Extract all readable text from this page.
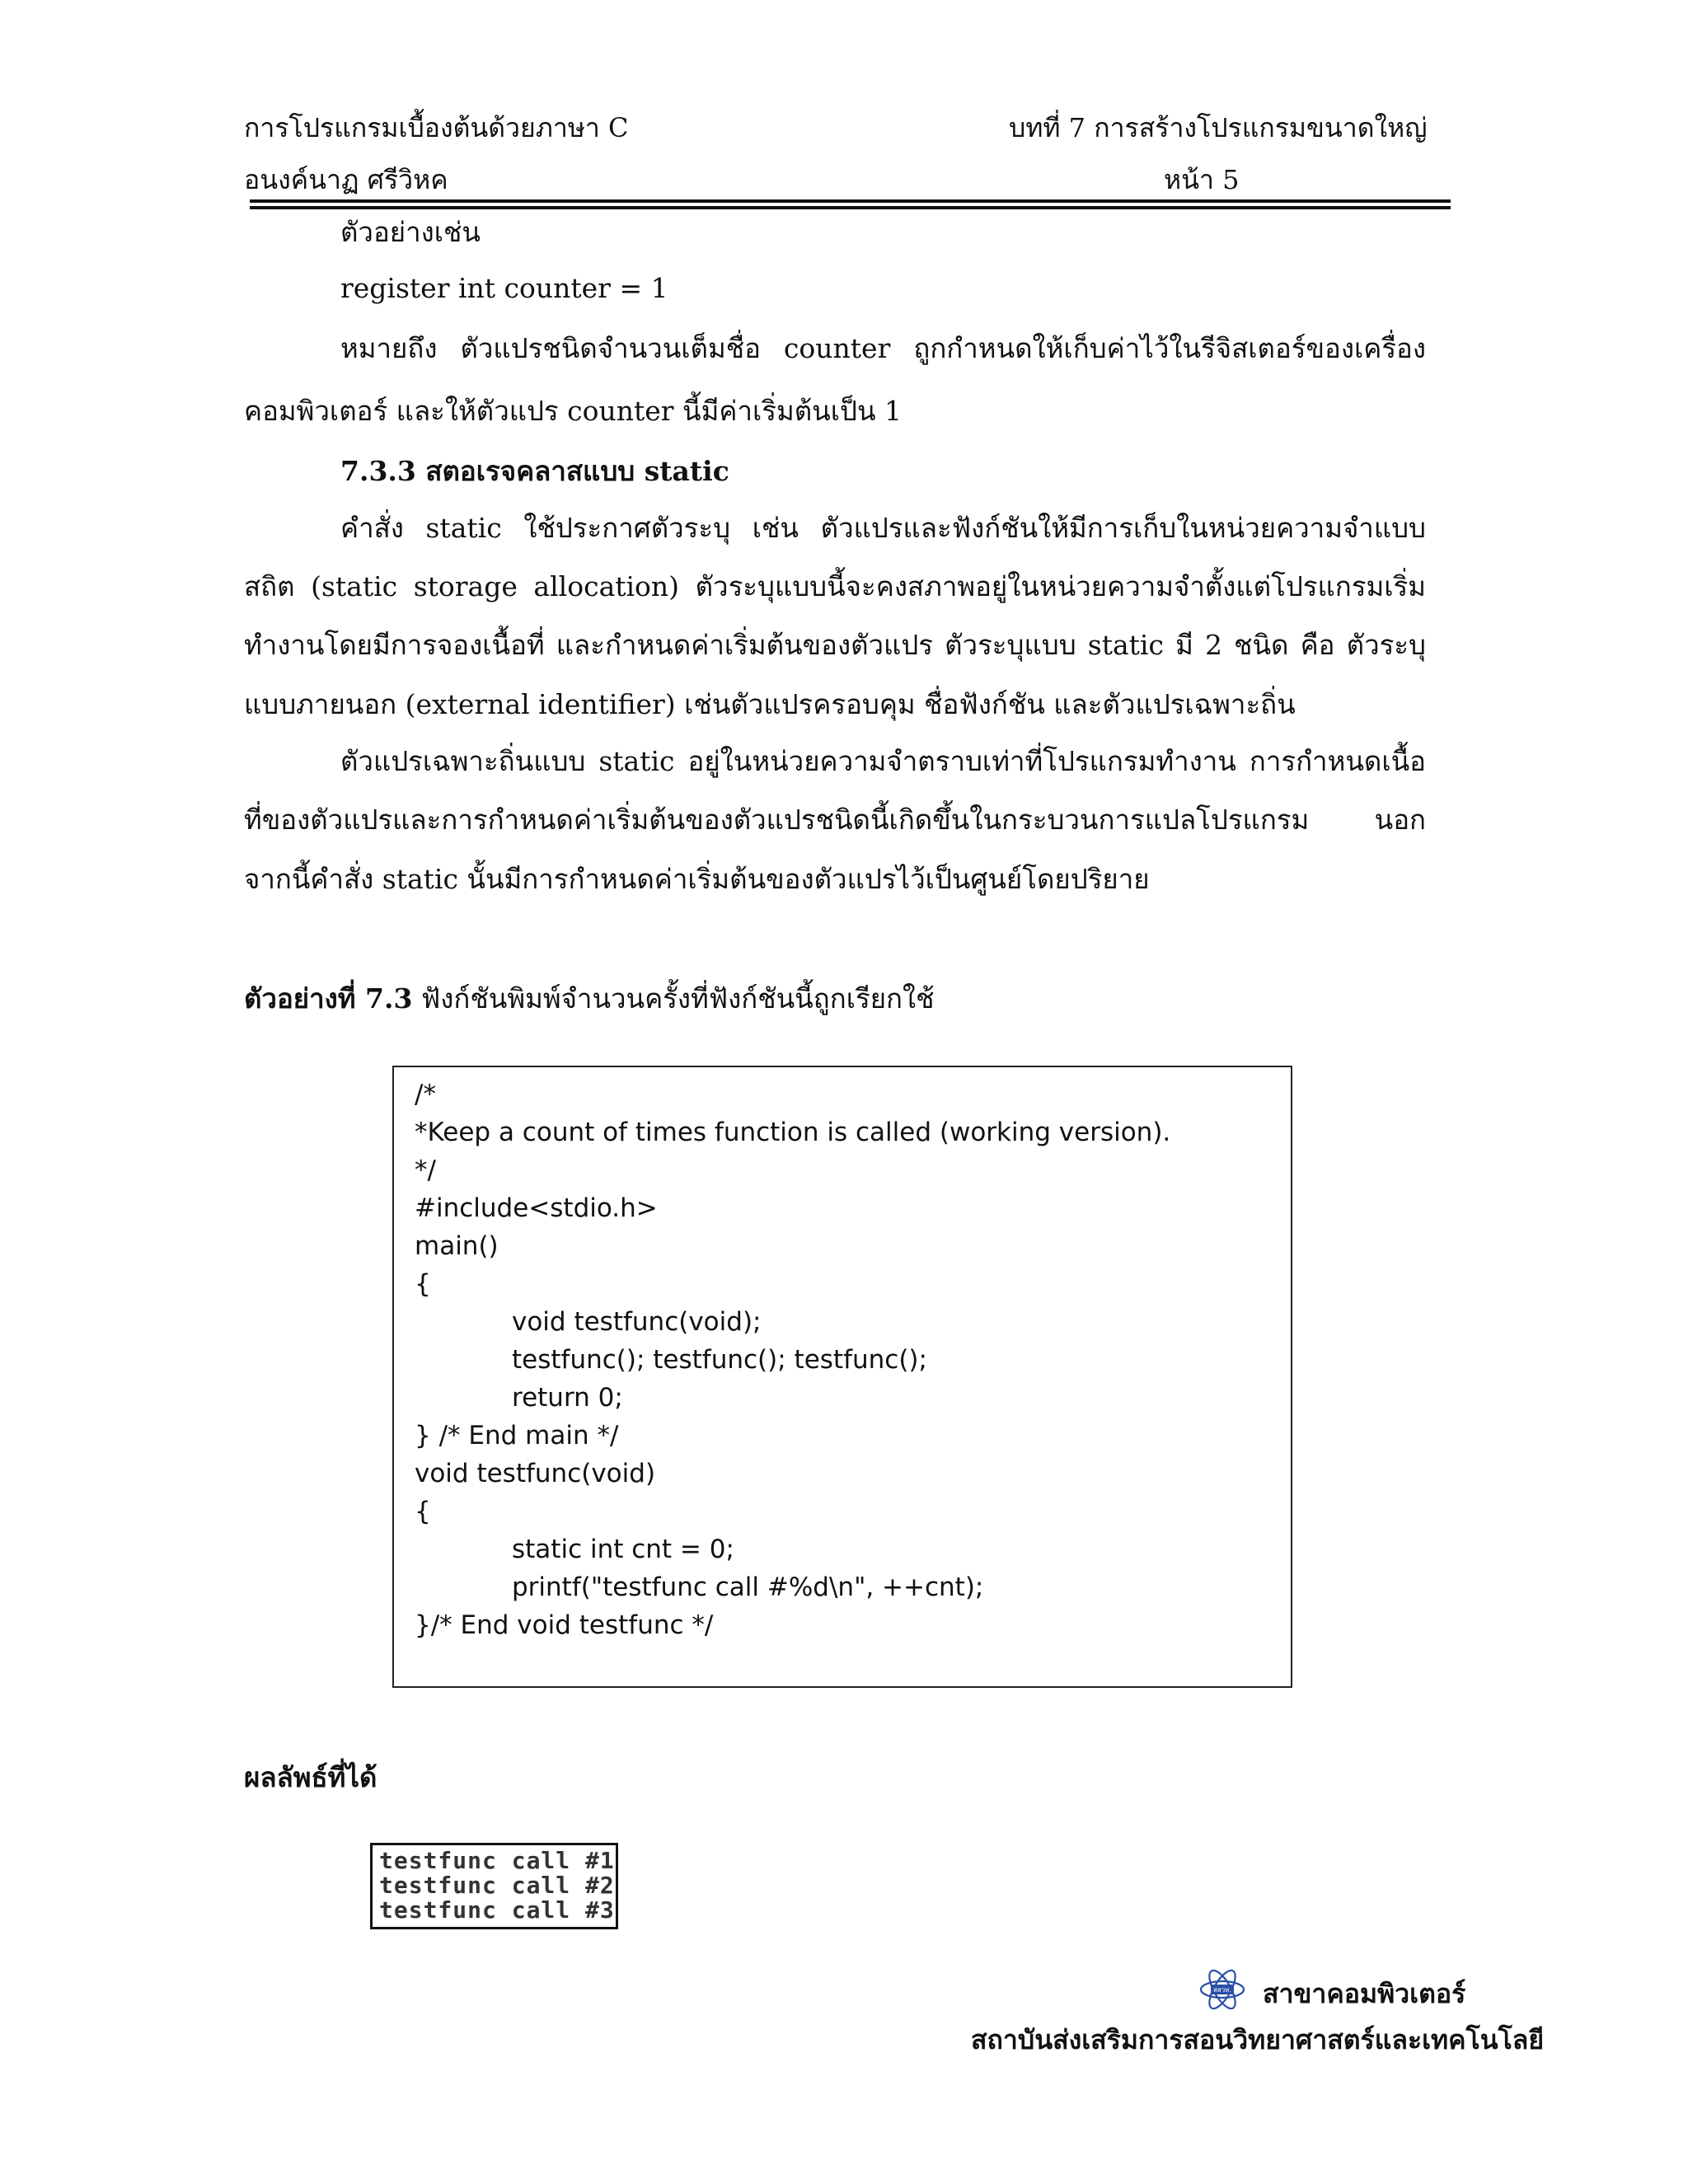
การโปรแกรมเบื้องต้นด้วยภาษา C	บทที่ 7 การสร้างโปรแกรมขนาดใหญ่
อนงค์นาฏ ศรีวิหค	หน้า 5
ตัวอย่างเช่น
register int counter = 1
หมายถึง ตัวแปรชนิดจำนวนเต็มชื่อ counter ถูกกำหนดให้เก็บค่าไว้ในรีจิสเตอร์ของเครื่อง
คอมพิวเตอร์ และให้ตัวแปร counter นี้มีค่าเริ่มต้นเป็น 1
7.3.3 สตอเรจคลาสแบบ static
คำสั่ง static ใช้ประกาศตัวระบุ เช่น ตัวแปรและฟังก์ชันให้มีการเก็บในหน่วยความจำแบบ
สถิต (static storage allocation) ตัวระบุแบบนี้จะคงสภาพอยู่ในหน่วยความจำตั้งแต่โปรแกรมเริ่ม
ทำงานโดยมีการจองเนื้อที่ และกำหนดค่าเริ่มต้นของตัวแปร ตัวระบุแบบ static มี 2 ชนิด คือ ตัวระบุ
แบบภายนอก (external identifier) เช่นตัวแปรครอบคุม ชื่อฟังก์ชัน และตัวแปรเฉพาะถิ่น
ตัวแปรเฉพาะถิ่นแบบ static อยู่ในหน่วยความจำตราบเท่าที่โปรแกรมทำงาน การกำหนดเนื้อ
ที่ของตัวแปรและการกำหนดค่าเริ่มต้นของตัวแปรชนิดนี้เกิดขึ้นในกระบวนการแปลโปรแกรม นอก
จากนี้คำสั่ง static นั้นมีการกำหนดค่าเริ่มต้นของตัวแปรไว้เป็นศูนย์โดยปริยาย
ตัวอย่างที่ 7.3 ฟังก์ชันพิมพ์จำนวนครั้งที่ฟังก์ชันนี้ถูกเรียกใช้
/*
*Keep a count of times function is called (working version).
*/
#include<stdio.h>
main()
{
void testfunc(void);
testfunc(); testfunc(); testfunc();
return 0;
} /* End main */
void testfunc(void)
{
static int cnt = 0;
printf("testfunc call #%d\n", ++cnt);
}/* End void testfunc */
ผลลัพธ์ที่ได้
testfunc call #1
testfunc call #2
testfunc call #3
สสวท. สาขาคอมพิวเตอร์
สถาบันส่งเสริมการสอนวิทยาศาสตร์และเทคโนโลยี
